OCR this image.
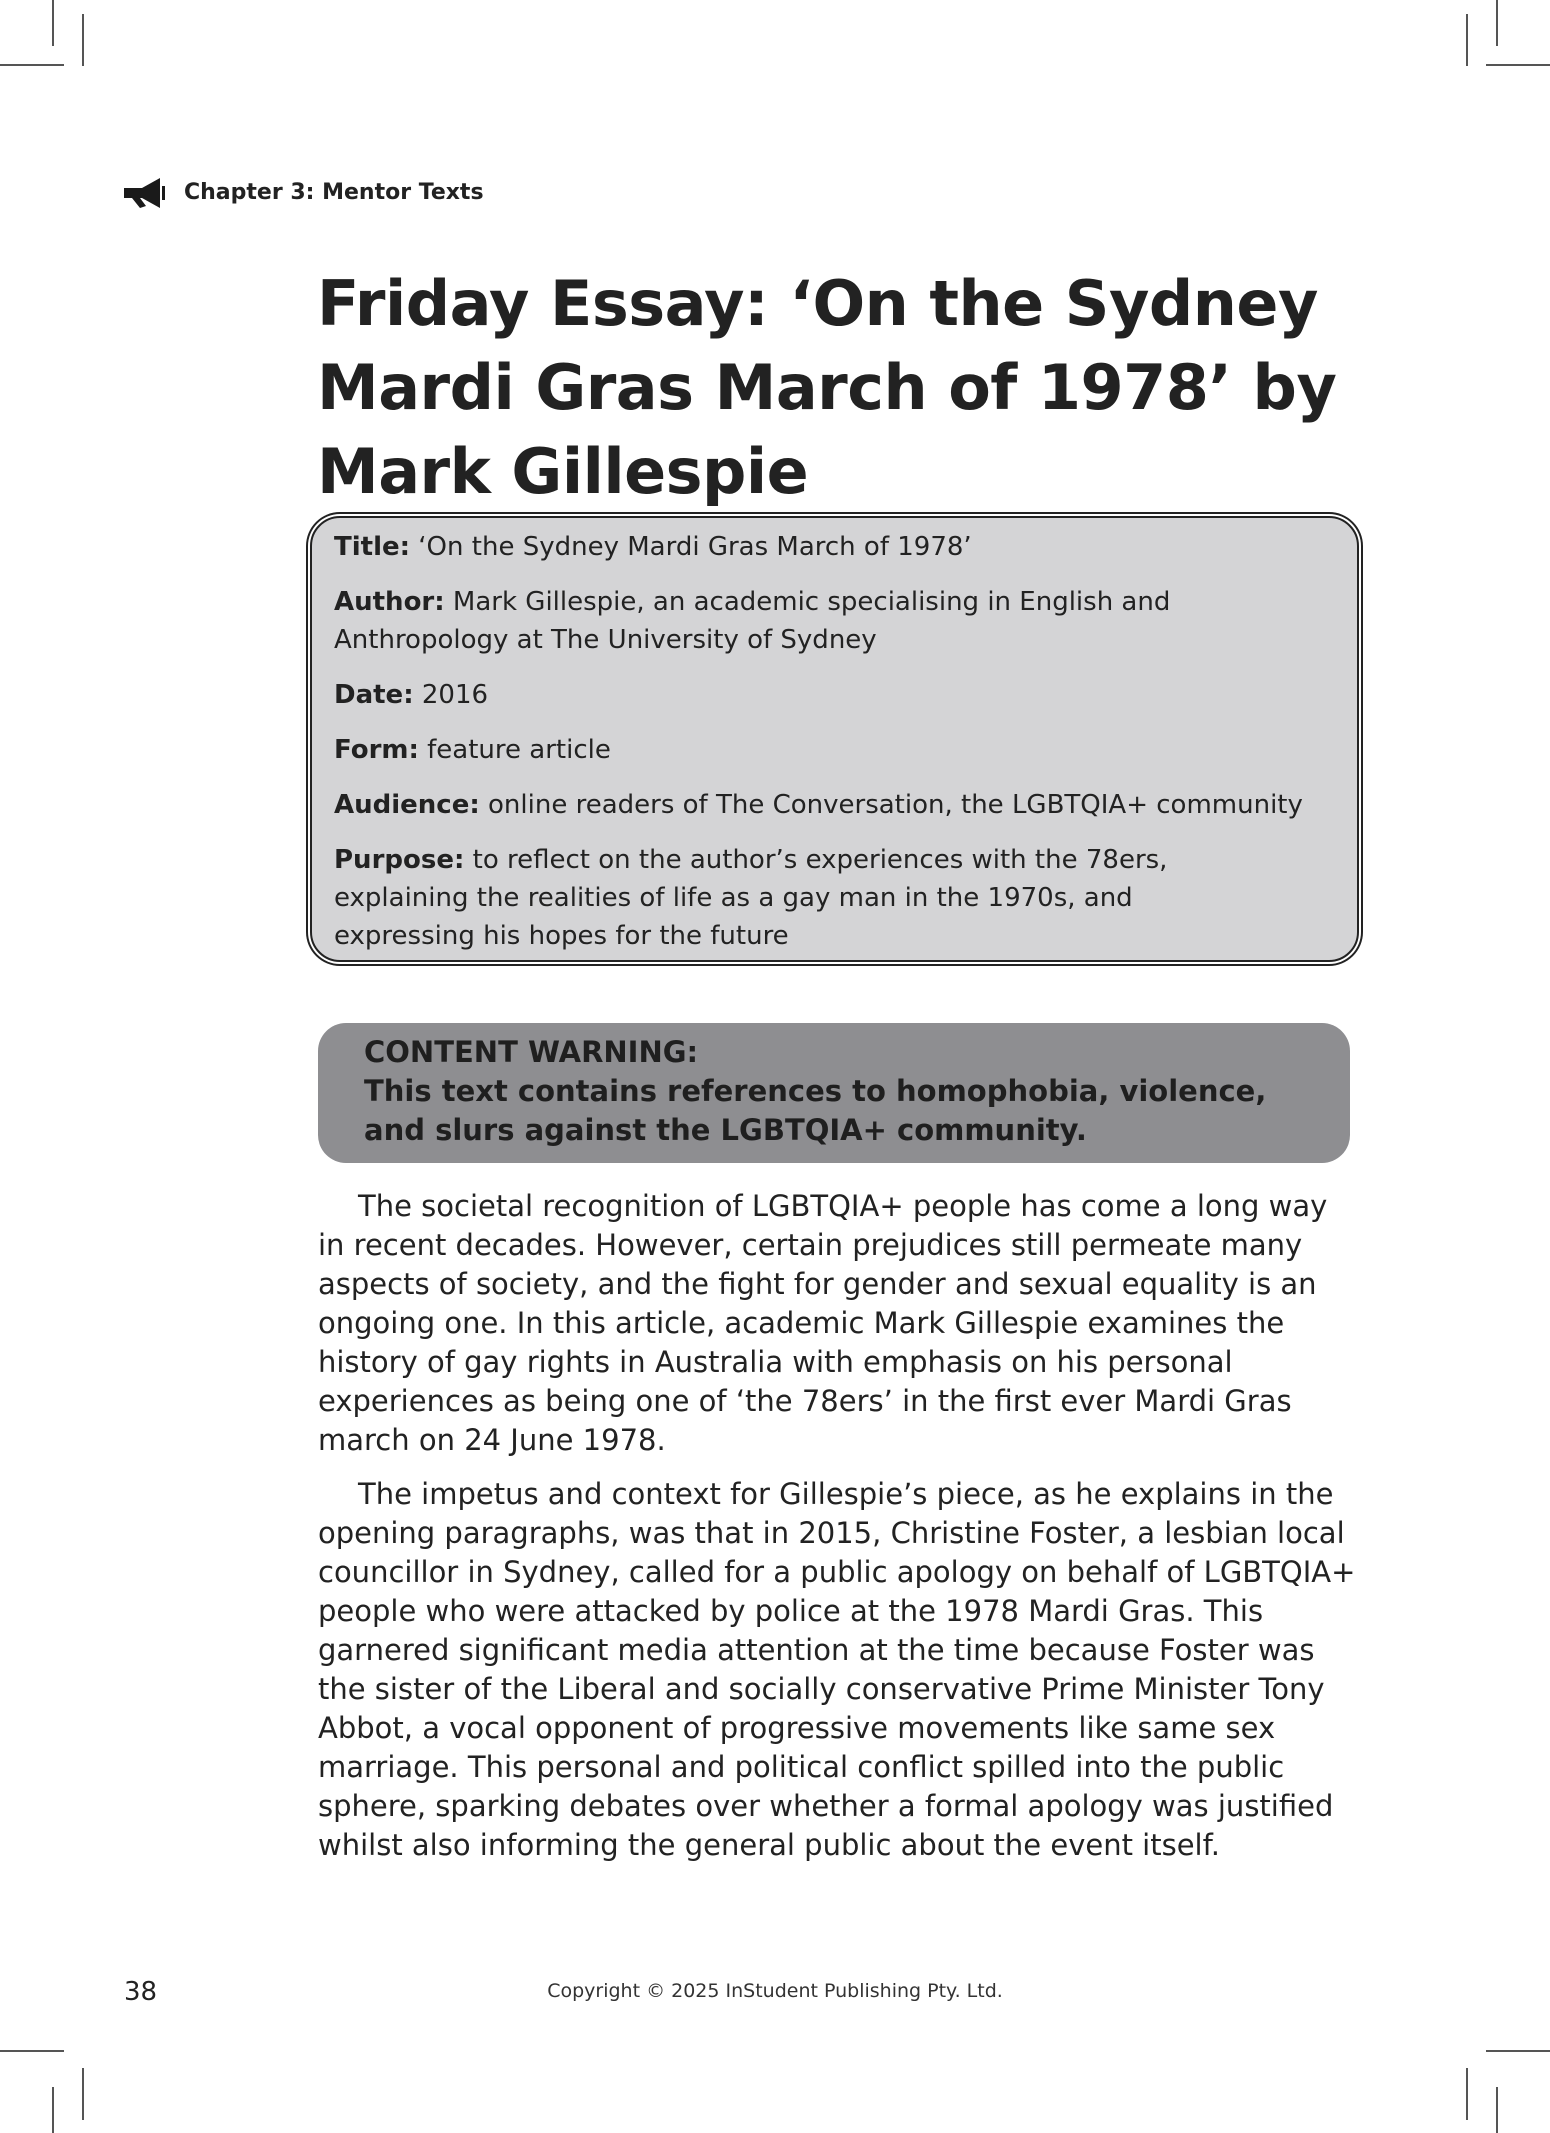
Chapter 3: Mentor Texts
Friday Essay: ‘On the Sydney Mardi Gras March of 1978’ by Mark Gillespie
Title: ‘On the Sydney Mardi Gras March of 1978’
Author: Mark Gillespie, an academic specialising in English and Anthropology at The University of Sydney
Date: 2016
Form: feature article
Audience: online readers of The Conversation, the LGBTQIA+ community
Purpose: to reflect on the author’s experiences with the 78ers, explaining the realities of life as a gay man in the 1970s, and expressing his hopes for the future
CONTENT WARNING:
This text contains references to homophobia, violence, and slurs against the LGBTQIA+ community.

The societal recognition of LGBTQIA+ people has come a long way in recent decades. However, certain prejudices still permeate many aspects of society, and the fight for gender and sexual equality is an ongoing one. In this article, academic Mark Gillespie examines the history of gay rights in Australia with emphasis on his personal experiences as being one of ‘the 78ers’ in the first ever Mardi Gras march on 24 June 1978.

The impetus and context for Gillespie’s piece, as he explains in the opening paragraphs, was that in 2015, Christine Foster, a lesbian local councillor in Sydney, called for a public apology on behalf of LGBTQIA+ people who were attacked by police at the 1978 Mardi Gras. This garnered significant media attention at the time because Foster was the sister of the Liberal and socially conservative Prime Minister Tony Abbot, a vocal opponent of progressive movements like same sex marriage. This personal and political conflict spilled into the public sphere, sparking debates over whether a formal apology was justified whilst also informing the general public about the event itself.

38	Copyright © 2025 InStudent Publishing Pty. Ltd.
